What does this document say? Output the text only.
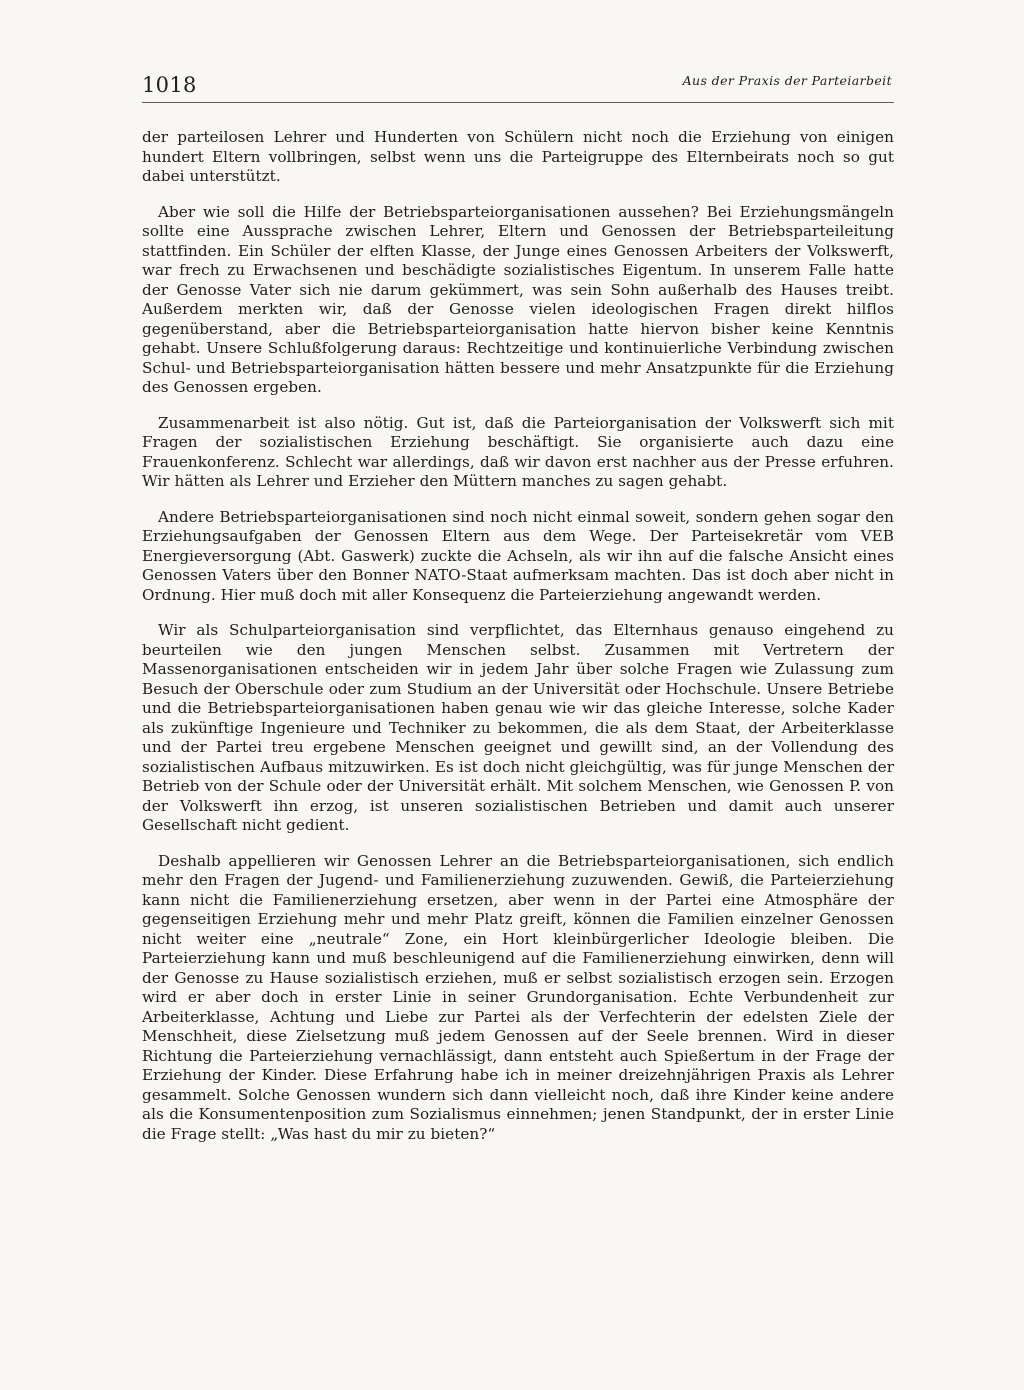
1018	Aus der Praxis der Parteiarbeit

der parteilosen Lehrer und Hunderten von Schülern nicht noch die Erziehung von einigen hundert Eltern vollbringen, selbst wenn uns die Parteigruppe des Elternbeirats noch so gut dabei unterstützt.

Aber wie soll die Hilfe der Betriebsparteiorganisationen aussehen? Bei Erziehungsmängeln sollte eine Aussprache zwischen Lehrer, Eltern und Genossen der Betriebsparteileitung stattfinden. Ein Schüler der elften Klasse, der Junge eines Genossen Arbeiters der Volkswerft, war frech zu Erwachsenen und beschädigte sozialistisches Eigentum. In unserem Falle hatte der Genosse Vater sich nie darum gekümmert, was sein Sohn außerhalb des Hauses treibt. Außerdem merkten wir, daß der Genosse vielen ideologischen Fragen direkt hilflos gegenüberstand, aber die Betriebsparteiorganisation hatte hiervon bisher keine Kenntnis gehabt. Unsere Schlußfolgerung daraus: Rechtzeitige und kontinuierliche Verbindung zwischen Schul- und Betriebsparteiorganisation hätten bessere und mehr Ansatzpunkte für die Erziehung des Genossen ergeben.

Zusammenarbeit ist also nötig. Gut ist, daß die Parteiorganisation der Volkswerft sich mit Fragen der sozialistischen Erziehung beschäftigt. Sie organisierte auch dazu eine Frauenkonferenz. Schlecht war allerdings, daß wir davon erst nachher aus der Presse erfuhren. Wir hätten als Lehrer und Erzieher den Müttern manches zu sagen gehabt.

Andere Betriebsparteiorganisationen sind noch nicht einmal soweit, sondern gehen sogar den Erziehungsaufgaben der Genossen Eltern aus dem Wege. Der Parteisekretär vom VEB Energieversorgung (Abt. Gaswerk) zuckte die Achseln, als wir ihn auf die falsche Ansicht eines Genossen Vaters über den Bonner NATO-Staat aufmerksam machten. Das ist doch aber nicht in Ordnung. Hier muß doch mit aller Konsequenz die Parteierziehung angewandt werden.

Wir als Schulparteiorganisation sind verpflichtet, das Elternhaus genauso eingehend zu beurteilen wie den jungen Menschen selbst. Zusammen mit Vertretern der Massenorganisationen entscheiden wir in jedem Jahr über solche Fragen wie Zulassung zum Besuch der Oberschule oder zum Studium an der Universität oder Hochschule. Unsere Betriebe und die Betriebsparteiorganisationen haben genau wie wir das gleiche Interesse, solche Kader als zukünftige Ingenieure und Techniker zu bekommen, die als dem Staat, der Arbeiterklasse und der Partei treu ergebene Menschen geeignet und gewillt sind, an der Vollendung des sozialistischen Aufbaus mitzuwirken. Es ist doch nicht gleichgültig, was für junge Menschen der Betrieb von der Schule oder der Universität erhält. Mit solchem Menschen, wie Genossen P. von der Volkswerft ihn erzog, ist unseren sozialistischen Betrieben und damit auch unserer Gesellschaft nicht gedient.

Deshalb appellieren wir Genossen Lehrer an die Betriebsparteiorganisationen, sich endlich mehr den Fragen der Jugend- und Familienerziehung zuzuwenden. Gewiß, die Parteierziehung kann nicht die Familienerziehung ersetzen, aber wenn in der Partei eine Atmosphäre der gegenseitigen Erziehung mehr und mehr Platz greift, können die Familien einzelner Genossen nicht weiter eine „neutrale“ Zone, ein Hort kleinbürgerlicher Ideologie bleiben. Die Parteierziehung kann und muß beschleunigend auf die Familienerziehung einwirken, denn will der Genosse zu Hause sozialistisch erziehen, muß er selbst sozialistisch erzogen sein. Erzogen wird er aber doch in erster Linie in seiner Grundorganisation. Echte Verbundenheit zur Arbeiterklasse, Achtung und Liebe zur Partei als der Verfechterin der edelsten Ziele der Menschheit, diese Zielsetzung muß jedem Genossen auf der Seele brennen. Wird in dieser Richtung die Parteierziehung vernachlässigt, dann entsteht auch Spießertum in der Frage der Erziehung der Kinder. Diese Erfahrung habe ich in meiner dreizehnjährigen Praxis als Lehrer gesammelt. Solche Genossen wundern sich dann vielleicht noch, daß ihre Kinder keine andere als die Konsumentenposition zum Sozialismus einnehmen; jenen Standpunkt, der in erster Linie die Frage stellt: „Was hast du mir zu bieten?“
